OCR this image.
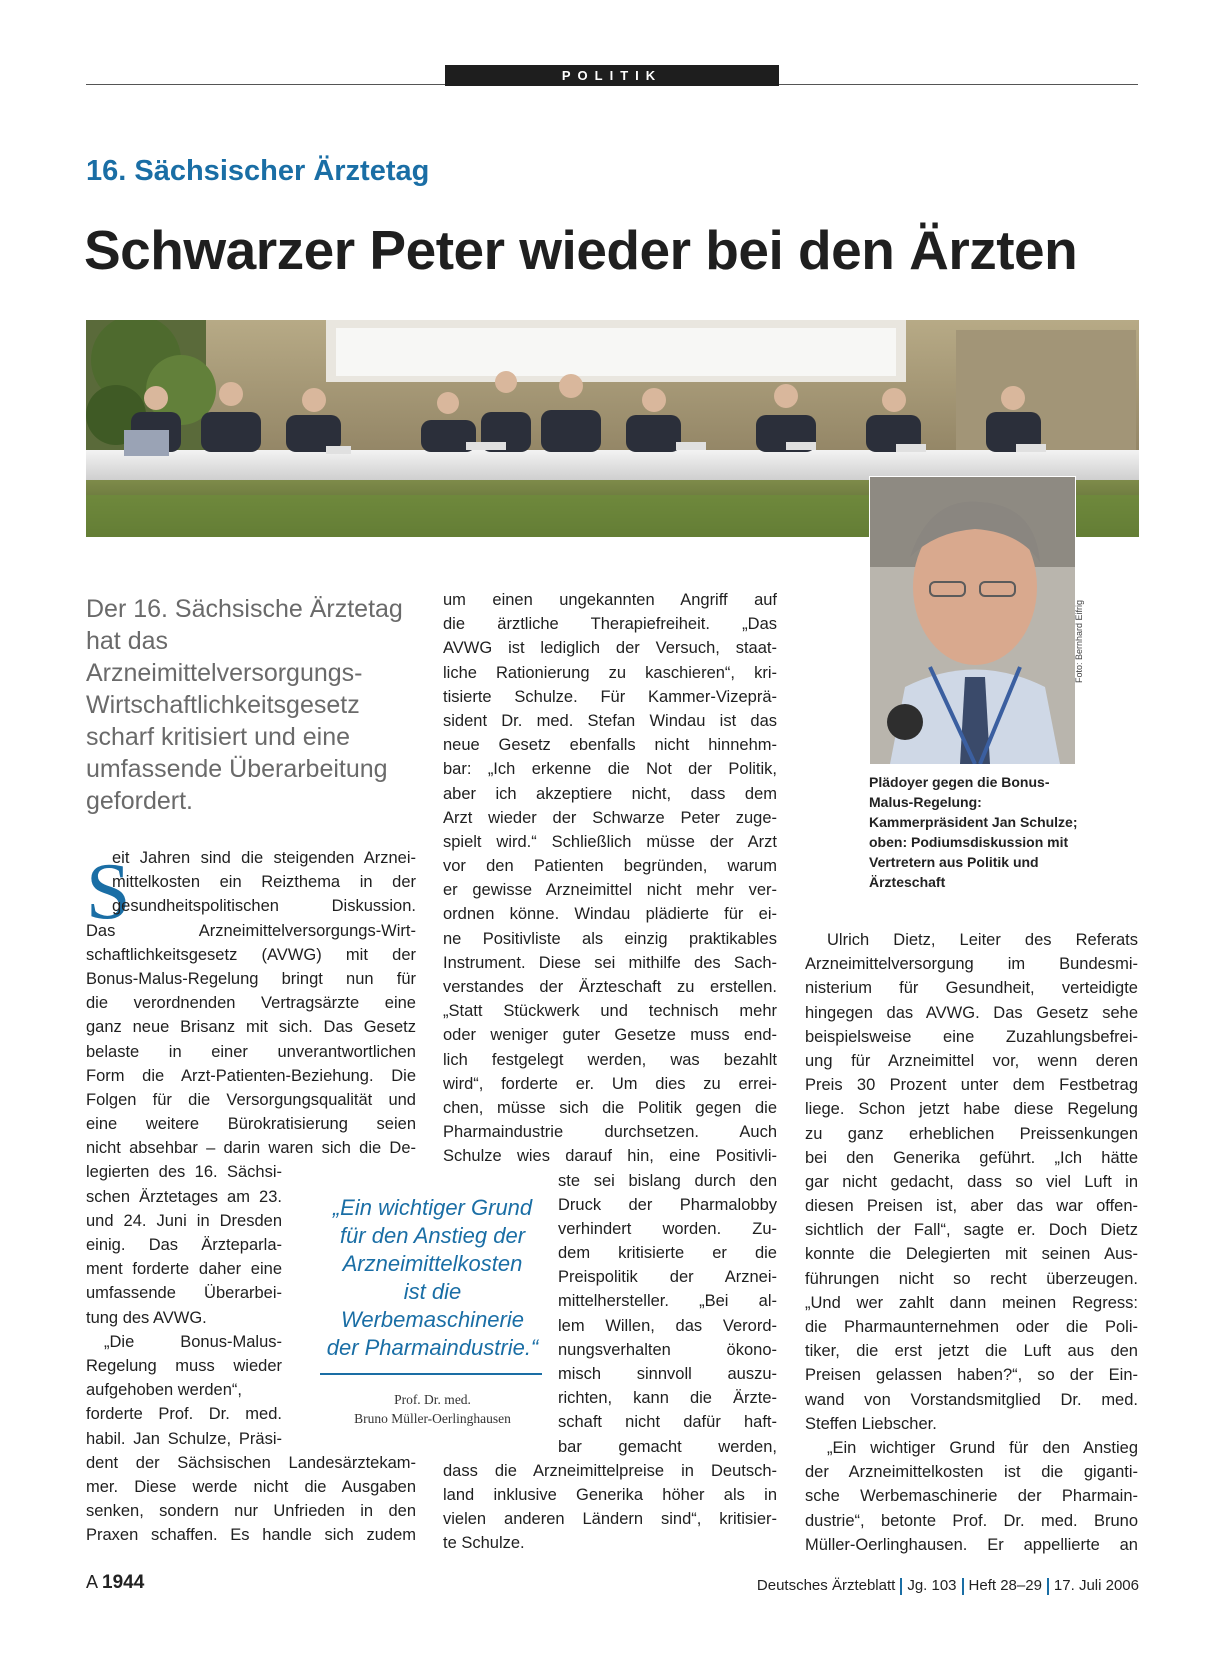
POLITIK
16. Sächsischer Ärztetag
Schwarzer Peter wieder bei den Ärzten
Foto: Bernhard Eifrig
Plädoyer gegen die Bonus-Malus-Regelung: Kammerpräsident Jan Schulze; oben: Podiumsdiskussion mit Vertretern aus Politik und Ärzteschaft
Der 16. Sächsische Ärztetag hat das Arzneimittelversorgungs-Wirtschaftlichkeitsgesetz scharf kritisiert und eine umfassende Überarbeitung gefordert.
S
eit Jahren sind die steigenden Arznei-
mittelkosten ein Reizthema in der
gesundheitspolitischen Diskussion.
Das Arzneimittelversorgungs-Wirt-
schaftlichkeitsgesetz (AVWG) mit der
Bonus-Malus-Regelung bringt nun für
die verordnenden Vertragsärzte eine
ganz neue Brisanz mit sich. Das Gesetz
belaste in einer unverantwortlichen
Form die Arzt-Patienten-Beziehung. Die
Folgen für die Versorgungsqualität und
eine weitere Bürokratisierung seien
nicht absehbar – darin waren sich die De-
legierten des 16. Sächsi-
schen Ärztetages am 23.
und 24. Juni in Dresden
einig. Das Ärzteparla-
ment forderte daher eine
umfassende Überarbei-
tung des AVWG.
„Die Bonus-Malus-
Regelung muss wieder
aufgehoben werden“,
forderte Prof. Dr. med.
habil. Jan Schulze, Präsi-
dent der Sächsischen Landesärztekam-
mer. Diese werde nicht die Ausgaben
senken, sondern nur Unfrieden in den
Praxen schaffen. Es handle sich zudem
um einen ungekannten Angriff auf
die ärztliche Therapiefreiheit. „Das
AVWG ist lediglich der Versuch, staat-
liche Rationierung zu kaschieren“, kri-
tisierte Schulze. Für Kammer-Vizeprä-
sident Dr. med. Stefan Windau ist das
neue Gesetz ebenfalls nicht hinnehm-
bar: „Ich erkenne die Not der Politik,
aber ich akzeptiere nicht, dass dem
Arzt wieder der Schwarze Peter zuge-
spielt wird.“ Schließlich müsse der Arzt
vor den Patienten begründen, warum
er gewisse Arzneimittel nicht mehr ver-
ordnen könne. Windau plädierte für ei-
ne Positivliste als einzig praktikables
Instrument. Diese sei mithilfe des Sach-
verstandes der Ärzteschaft zu erstellen.
„Statt Stückwerk und technisch mehr
oder weniger guter Gesetze muss end-
lich festgelegt werden, was bezahlt
wird“, forderte er. Um dies zu errei-
chen, müsse sich die Politik gegen die
Pharmaindustrie durchsetzen. Auch
Schulze wies darauf hin, eine Positivli-
ste sei bislang durch den
Druck der Pharmalobby
verhindert worden. Zu-
dem kritisierte er die
Preispolitik der Arznei-
mittelhersteller. „Bei al-
lem Willen, das Verord-
nungsverhalten ökono-
misch sinnvoll auszu-
richten, kann die Ärzte-
schaft nicht dafür haft-
bar gemacht werden,
dass die Arzneimittelpreise in Deutsch-
land inklusive Generika höher als in
vielen anderen Ländern sind“, kritisier-
te Schulze.
Ulrich Dietz, Leiter des Referats
Arzneimittelversorgung im Bundesmi-
nisterium für Gesundheit, verteidigte
hingegen das AVWG. Das Gesetz sehe
beispielsweise eine Zuzahlungsbefrei-
ung für Arzneimittel vor, wenn deren
Preis 30 Prozent unter dem Festbetrag
liege. Schon jetzt habe diese Regelung
zu ganz erheblichen Preissenkungen
bei den Generika geführt. „Ich hätte
gar nicht gedacht, dass so viel Luft in
diesen Preisen ist, aber das war offen-
sichtlich der Fall“, sagte er. Doch Dietz
konnte die Delegierten mit seinen Aus-
führungen nicht so recht überzeugen.
„Und wer zahlt dann meinen Regress:
die Pharmaunternehmen oder die Poli-
tiker, die erst jetzt die Luft aus den
Preisen gelassen haben?“, so der Ein-
wand von Vorstandsmitglied Dr. med.
Steffen Liebscher.
„Ein wichtiger Grund für den Anstieg
der Arzneimittelkosten ist die giganti-
sche Werbemaschinerie der Pharmain-
dustrie“, betonte Prof. Dr. med. Bruno
Müller-Oerlinghausen. Er appellierte an
„Ein wichtiger Grund
für den Anstieg der
Arzneimittelkosten
ist die
Werbemaschinerie
der Pharmaindustrie.“
Prof. Dr. med.
Bruno Müller-Oerlinghausen
A 1944	Deutsches Ärzteblatt Jg. 103 Heft 28–29 17. Juli 2006
